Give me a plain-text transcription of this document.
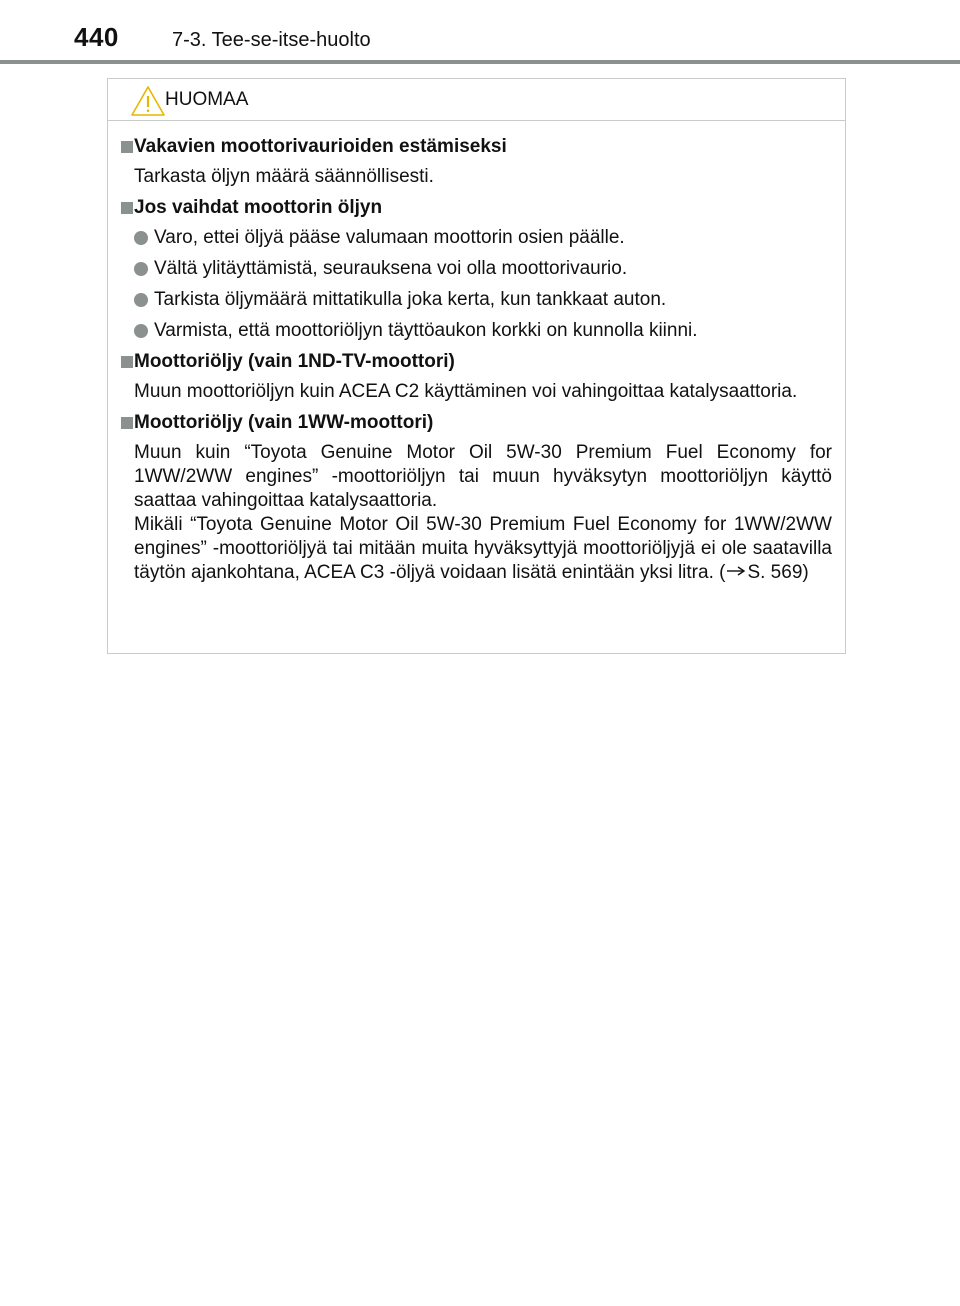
440	7-3. Tee-se-itse-huolto
HUOMAA
Vakavien moottorivaurioiden estämiseksi
Tarkasta öljyn määrä säännöllisesti.
Jos vaihdat moottorin öljyn
Varo, ettei öljyä pääse valumaan moottorin osien päälle.
Vältä ylitäyttämistä, seurauksena voi olla moottorivaurio.
Tarkista öljymäärä mittatikulla joka kerta, kun tankkaat auton.
Varmista, että moottoriöljyn täyttöaukon korkki on kunnolla kiinni.
Moottoriöljy (vain 1ND-TV-moottori)
Muun moottoriöljyn kuin ACEA C2 käyttäminen voi vahingoittaa katalysaattoria.
Moottoriöljy (vain 1WW-moottori)

Muun kuin “Toyota Genuine Motor Oil 5W-30 Premium Fuel Economy for 1WW/2WW engines” -moottoriöljyn tai muun hyväksytyn moottoriöljyn käyttö saattaa vahingoittaa katalysaattoria.

Mikäli “Toyota Genuine Motor Oil 5W-30 Premium Fuel Economy for 1WW/2WW engines” -moottoriöljyä tai mitään muita hyväksyttyjä moottoriöljyjä ei ole saatavilla täytön ajankohtana, ACEA C3 -öljyä voidaan lisätä enintään yksi litra. ( S. 569)
